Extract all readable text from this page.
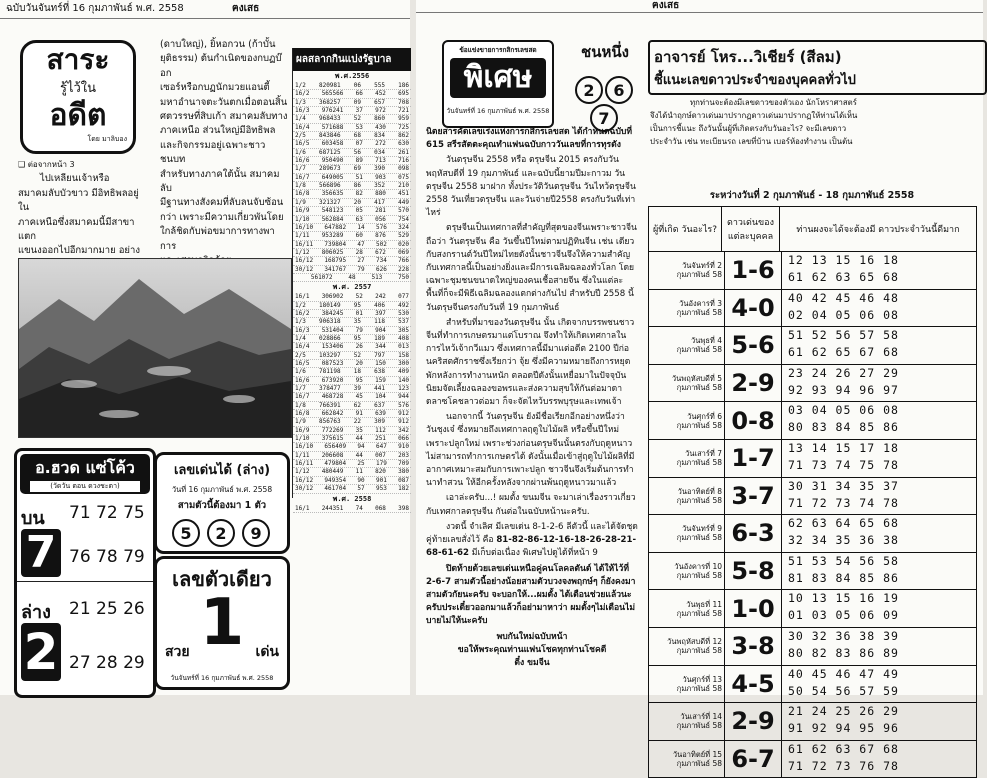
ฉบับวันจันทร์ที่ 16 กุมภาพันธ์ พ.ศ. 2558	ฅงเสธ
สาระ
รู้ไว้ใน
อดีต
โดย มาลิบอง
❑ ต่อจากหน้า 3
ไปเหลียนเจ้าหรือ
สมาคมลับบัวขาว มีอิทธิพลอยู่ใน
ภาคเหนือซึ่งสมาคมนี้มีสาขาแตก
แขนงออกไปอีกมากมาย อย่าง
(ดาบใหญ่), ยิ้หอกวน (ก้าบั้น
ยุติธรรม) ต้นกำเนิดของกบฏบ๊อก
เซอร์หรือกบฏนักมวยแอนตี้
มหาอำนาจตะวันตกเมื่อตอนสิ้น
ศตวรรษที่สิบเก้า สมาคมลับทาง
ภาคเหนือ ส่วนใหญ่มีอิทธิพล
และกิจกรรมอยู่เฉพาะชาวชนบท
สำหรับทางภาคใต้นั้น สมาคมลับ
มีฐานทางสังคมที่ลับลนจับซ้อน
กว่า เพราะมีความเกี่ยวพันโดย
ใกล้ชิดกับพ่อขมาการทางพาการ
อ.ฮวด แซ่โค้ว
(วัดวัน ตอน ดวงชะตา)
บน
7
71 72 75
76 78 79
ล่าง
2
21 25 26
27 28 29
เลขเด่นได้ (ล่าง)
วันที่ 16 กุมภาพันธ์ พ.ศ. 2558
สามตัวนี้ต้องมา 1 ตัว
5 2 9
เลขตัวเดียว
1
สวย	เด่น
วันจันทร์ที่ 16 กุมภาพันธ์ พ.ศ. 2558
ผลสลากกินแบ่งรัฐบาล
พ.ศ.2556
1/2 820981 06 555 186
16/2 565566 66 452 695
1/3 368257 09 657 708
16/3 976241 37 972 721
1/4 968433 52 860 959
16/4 571688 53 430 725
2/5 843846 68 834 862
16/5 603458 07 272 630
1/6 687125 56 034 261
16/6 950490 89 713 716
1/7 289673 69 390 098
16/7 649005 51 903 075
1/8 566896 86 352 210
16/8 356635 82 880 451
1/9 321327 20 417 449
16/9 548123 05 281 570
1/10 562884 63 056 754
16/10 647882 14 576 324
1/11 953289 60 876 529
16/11 739804 47 502 020
1/12 806025 28 672 069
16/12 168795 27 734 766
30/12 341767 79 626 228
561072	48	513	750
พ.ศ. 2557
16/1 306902 52 242 077
1/2 180149 95 406 492
16/2 384245 01 397 530
1/3 906318 35 118 537
16/3 531404 79 904 305
1/4 028866 95 189 408
16/4 153406 26 344 013
2/5 103297 52 797 158
16/5 087523 20 150 300
1/6 781198 18 638 409
16/6 673920 95 159 140
1/7 378477 39 441 123
16/7 468728 45 104 944
1/8 766391 62 637 576
16/8 662842 91 639 912
1/9 856763 22 309 912
16/9 772269 35 112 342
1/10 375615 44 251 066
16/10 656409 94 647 910
1/11 206608 44 007 203
16/11 479804 25 179 709
1/12 480449 11 820 380
16/12 949354 90 901 087
30/12 461704 57 953 182
พ.ศ. 2558
16/1 244351 74 068 398
ฅงเสธ
ข้อแข่งขายการกสิกรเลขสด
พิเศษ
วันจันทร์ที่ 16 กุมภาพันธ์ พ.ศ. 2558
ชนหนึ่ง
2 67
นิตยสารคัดเลขเร่งแห่งการกสิกรเลขสด ได้กำหนดฉบับที่ 615 สรีรสัตตะคุณทำแฟนฉบับกาววันเลขที่การทุรดัง
วันตรุษจีน 2558 หรือ ตรุษจีน 2015 ตรงกับวันพฤหัสบดีที่ 19 กุมภาพันธ์ และฉบับนี้ยามปีมะกาวม วันตรุษจีน 2558 มาฝาก ทั้งประวัติวันตรุษจีน วันไหว้ตรุษจีน 2558 วันเที่ยวตรุษจีน และวันจ่ายปี2558 ตรงกับวันที่เท่าไหร่
ตรุษจีนเป็นเทศกาลที่สำคัญที่สุดของจีนเพราะชาวจีนถือว่า วันตรุษจีน คือ วันขึ้นปีใหม่ตามปฏิทินจีน เช่น เดียวกับสงกรานต์วันปีใหม่ไทยดังนั้นชาวจีนจึงให้ความสำคัญกับเทศกาลนี้เป็นอย่างยิ่งและมีการเฉลิมฉลองทั่วโลก โดยเฉพาะชุมชนขนาดใหญ่ของคนเชื้อสายจีน ซึ่งในแต่ละพื้นที่ก็จะมีพิธีเฉลิมฉลองแตกต่างกันไป สำหรับปี 2558 นี้ วันตรุษจีนตรงกับวันที่ 19 กุมภาพันธ์
สำหรับที่มาของวันตรุษจีน นั้น เกิดจากบรรพชนชาวจีนที่ทำการเกษตรมาแต่โบราณ จึงทำให้เกิดเทศกาลในการไหว้เจ้ากวีแมว ซึ่งเทศกาลนี้มีมาแต่อดีต 2100 ปีก่อนคริสตศักราชซึ่งเรียกว่า จุ้ย ซึ่งมีความหมายถึงการหยุดพักหลังการทำงานหนัก ตลอดปีดังนั้นเหยื่อมาในปัจจุบันนิยมจัดเลี้ยงฉลองขอพรและส่งความสุขให้กันต่อมาดาดลาซโคชลาวต่อมา ก็จะจัดไหว้บรรพบุรุษและเทพเจ้า
นอกจากนี้ วันตรุษจีน ยังมีชื่อเรียกอีกอย่างหนึ่งว่า วันชุงเจ๋ ซึ่งหมายถึงเทศกาลฤดูใบไม้ผลิ หรือขึ้นปีใหม่เพราะปลูกใหม่ เพราะช่วงก่อนตรุษจีนนั้นตรงกับฤดูหนาว ไม่สามารถทำการเกษตรได้ ดังนั้นเมื่อเข้าสู่ฤดูใบไม้ผลิที่มีอากาศเหมาะสมกับการเพาะปลูก ชาวจีนจึงเริ่มต้นการทำนาทำสวน ให้อีกครั้งหลังจากผ่านพ้นฤดูหนาวมาแล้ว
เอาล่ะครับ...! ผมตั้ง ขนมจีน จะมาเล่าเรื่องราวเกี่ยวกับเทศกาลตรุษจีน กันต่อในฉบับหน้านะครับ.
งวดนี้ จำเลิศ มีเลขเด่น 8-1-2-6 ลีตัวนี้ และได้จัดชุดคู่ท้ายเลขสั่งไว้ คือ 81-82-86-12-16-18-26-28-21-68-61-62 มีเก็บต่อเนื่อง พิเศษไปดูได้ที่หน้า 9
ปิดท้ายด้วยเลขเด่นเหนือคู่คนโลคลตันด์ ได้ให้ไว้ที่ 2-6-7 สามตัวนี้อย่างน้อยสามตัวบวงจงพฤกษ์ๆ ก็ยังคงมาสามตัวกัยนะครับ จะบอกให้...ผมตั้ง ได้เตือนช่วยแล้วนะครับประเดี๋ยวออกมาแล้วก็อย่ามาหาว่า ผมตั้งๆไม่เตือนไม่บายไม่ให้นะครับ
พบกันใหม่ฉบับหน้า
ขอให้พระคุณท่านแฟนโชคทุกท่านโชคดี
ตี๋ง ขมจีน
อาจารย์ โหร...วิเชียร์ (สีลม)
ชี้แนะเลขดาวประจำของบุคคลทั่วไป
ทุกท่านจะต้องมีเลขดาวของตัวเอง นักโหราศาสตร์
จึงได้นำฤกษ์ดาวเด่นมาปรากฏดาวเด่นมาปรากฏให้ท่านได้เห็น
เป็นการชี้แนะ ถึงวันนั้นผู้ที่เกิดตรงกับวันอะไร? จะมีเลขดาว
ประจำวัน เช่น ทะเบียนรถ เลขที่บ้าน เบอร์ห้องทำงาน เป็นต้น
ระหว่างวันที่ 2 กุมภาพันธ์ - 18 กุมภาพันธ์ 2558
ผู้ที่เกิด วันอะไร?
ดาวเด่นของแต่ละบุคคล
ท่านผงจะได้จะต้องมี ดาวประจำวันนี้ดีมาก
วันจันทร์ที่ 2
กุมภาพันธ์ 58 1-6	12 13 15 16 18
61 62 63 65 68
วันอังคารที่ 3
กุมภาพันธ์ 58 4-0	40 42 45 46 48
02 04 05 06 08
วันพุธที่ 4
กุมภาพันธ์ 58 5-6	51 52 56 57 58
61 62 65 67 68
วันพฤหัสบดีที่ 5
กุมภาพันธ์ 58 2-9	23 24 26 27 29
92 93 94 96 97
วันศุกร์ที่ 6
กุมภาพันธ์ 58 0-8	03 04 05 06 08
80 83 84 85 86
วันเสาร์ที่ 7
กุมภาพันธ์ 58 1-7	13 14 15 17 18
71 73 74 75 78
วันอาทิตย์ที่ 8
กุมภาพันธ์ 58 3-7	30 31 34 35 37
71 72 73 74 78
วันจันทร์ที่ 9
กุมภาพันธ์ 58 6-3	62 63 64 65 68
32 34 35 36 38
วันอังคารที่ 10
กุมภาพันธ์ 58 5-8	51 53 54 56 58
81 83 84 85 86
วันพุธที่ 11
กุมภาพันธ์ 58 1-0	10 13 15 16 19
01 03 05 06 09
วันพฤหัสบดีที่ 12
กุมภาพันธ์ 58 3-8	30 32 36 38 39
80 82 83 86 89
วันศุกร์ที่ 13
กุมภาพันธ์ 58 4-5	40 45 46 47 49
50 54 56 57 59
วันเสาร์ที่ 14
กุมภาพันธ์ 58 2-9	21 24 25 26 29
91 92 94 95 96
วันอาทิตย์ที่ 15
กุมภาพันธ์ 58 6-7	61 62 63 67 68
71 72 73 76 78
